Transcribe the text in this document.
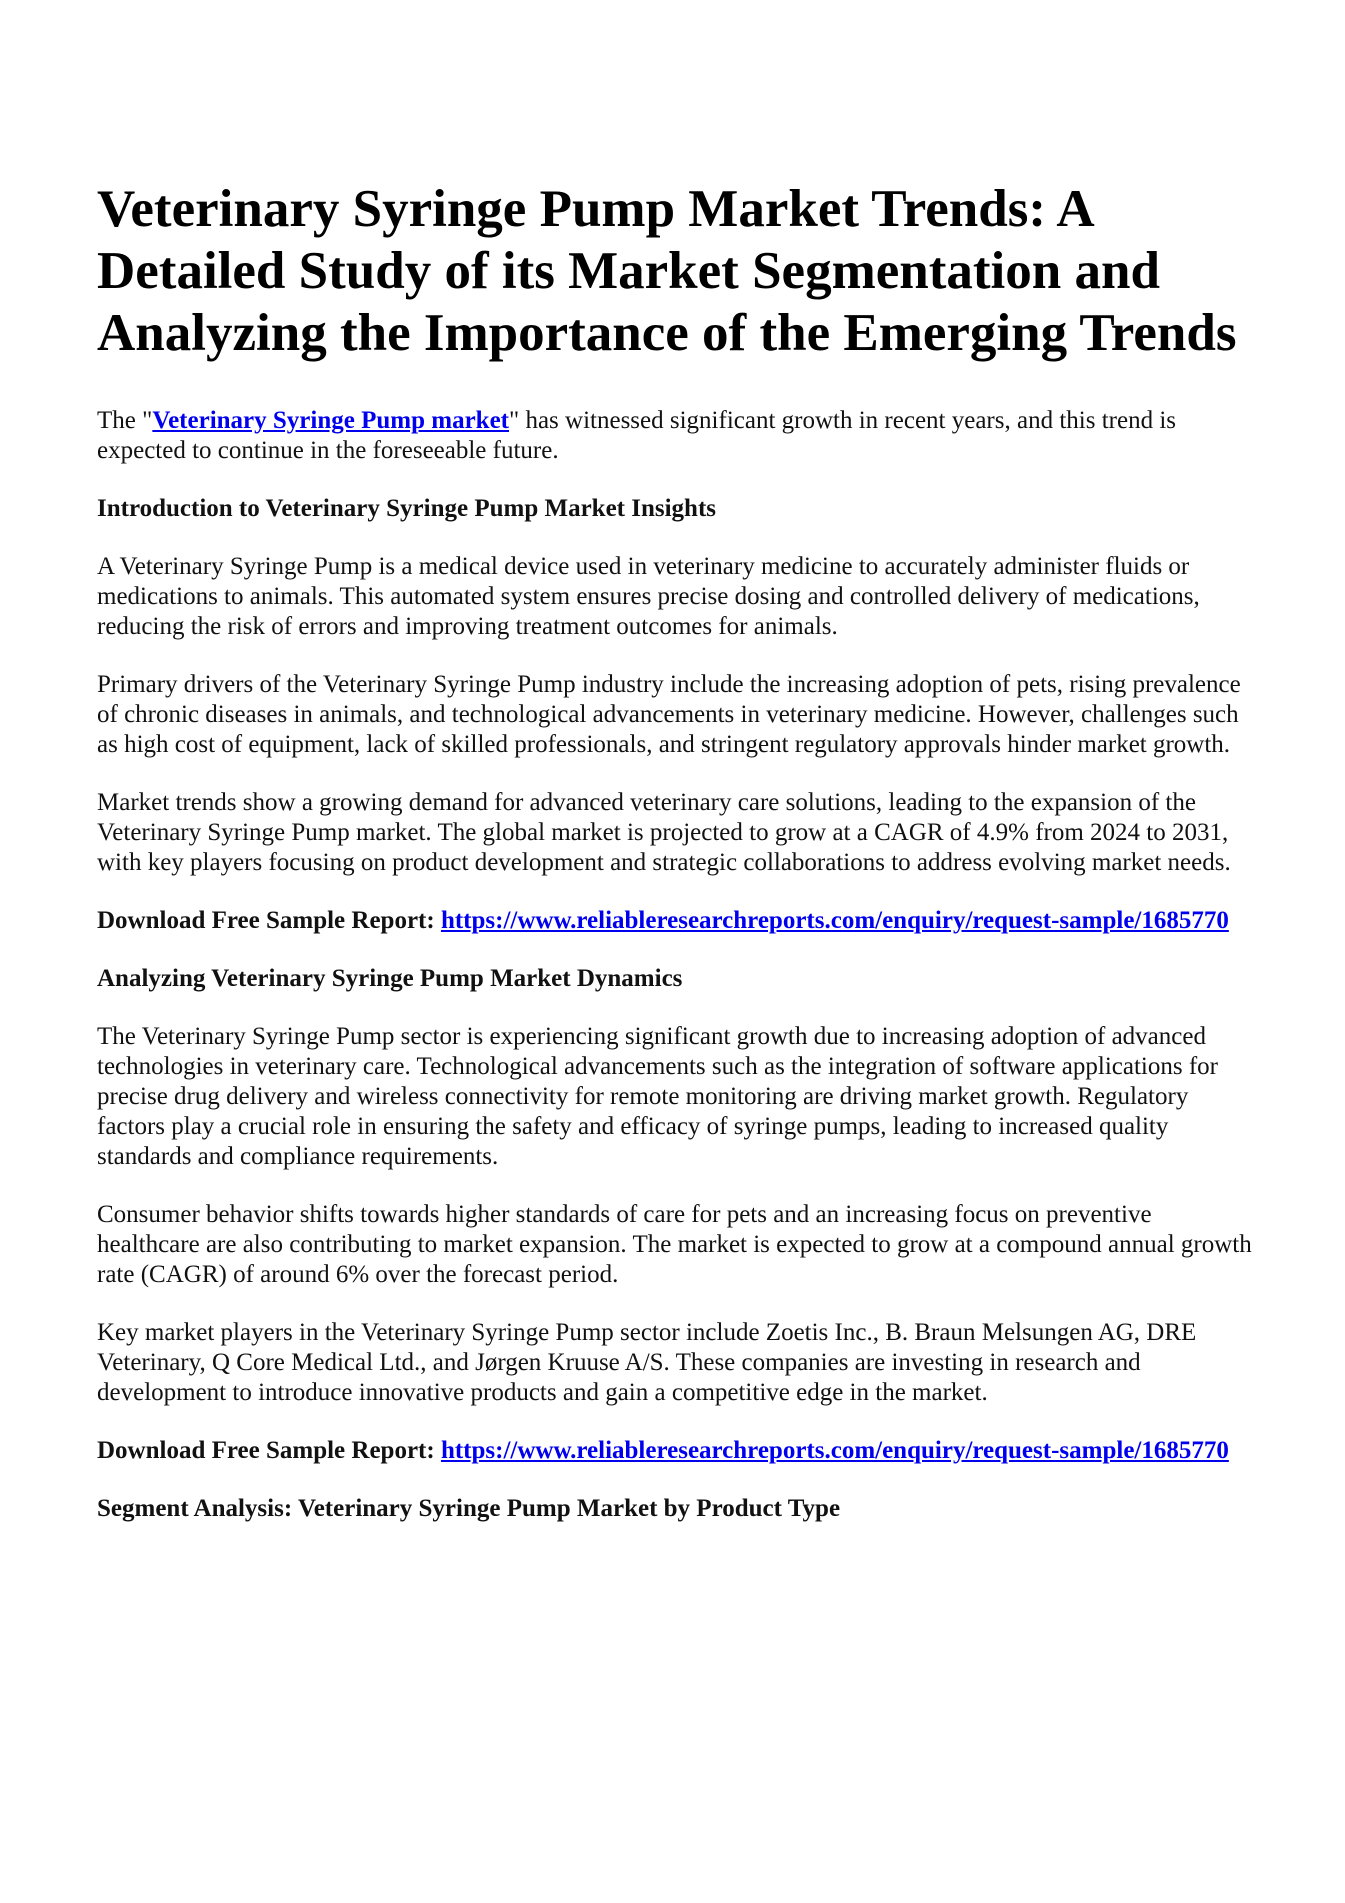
Veterinary Syringe Pump Market Trends: A Detailed Study of its Market Segmentation and Analyzing the Importance of the Emerging Trends

The "Veterinary Syringe Pump market" has witnessed significant growth in recent years, and this trend is expected to continue in the foreseeable future.

Introduction to Veterinary Syringe Pump Market Insights

A Veterinary Syringe Pump is a medical device used in veterinary medicine to accurately administer fluids or medications to animals. This automated system ensures precise dosing and controlled delivery of medications, reducing the risk of errors and improving treatment outcomes for animals.

Primary drivers of the Veterinary Syringe Pump industry include the increasing adoption of pets, rising prevalence of chronic diseases in animals, and technological advancements in veterinary medicine. However, challenges such as high cost of equipment, lack of skilled professionals, and stringent regulatory approvals hinder market growth.

Market trends show a growing demand for advanced veterinary care solutions, leading to the expansion of the Veterinary Syringe Pump market. The global market is projected to grow at a CAGR of 4.9% from 2024 to 2031, with key players focusing on product development and strategic collaborations to address evolving market needs.

Download Free Sample Report: https://www.reliableresearchreports.com/enquiry/request-sample/1685770

Analyzing Veterinary Syringe Pump Market Dynamics

The Veterinary Syringe Pump sector is experiencing significant growth due to increasing adoption of advanced technologies in veterinary care. Technological advancements such as the integration of software applications for precise drug delivery and wireless connectivity for remote monitoring are driving market growth. Regulatory factors play a crucial role in ensuring the safety and efficacy of syringe pumps, leading to increased quality standards and compliance requirements.

Consumer behavior shifts towards higher standards of care for pets and an increasing focus on preventive healthcare are also contributing to market expansion. The market is expected to grow at a compound annual growth rate (CAGR) of around 6% over the forecast period.

Key market players in the Veterinary Syringe Pump sector include Zoetis Inc., B. Braun Melsungen AG, DRE Veterinary, Q Core Medical Ltd., and Jørgen Kruuse A/S. These companies are investing in research and development to introduce innovative products and gain a competitive edge in the market.

Download Free Sample Report: https://www.reliableresearchreports.com/enquiry/request-sample/1685770

Segment Analysis: Veterinary Syringe Pump Market by Product Type
